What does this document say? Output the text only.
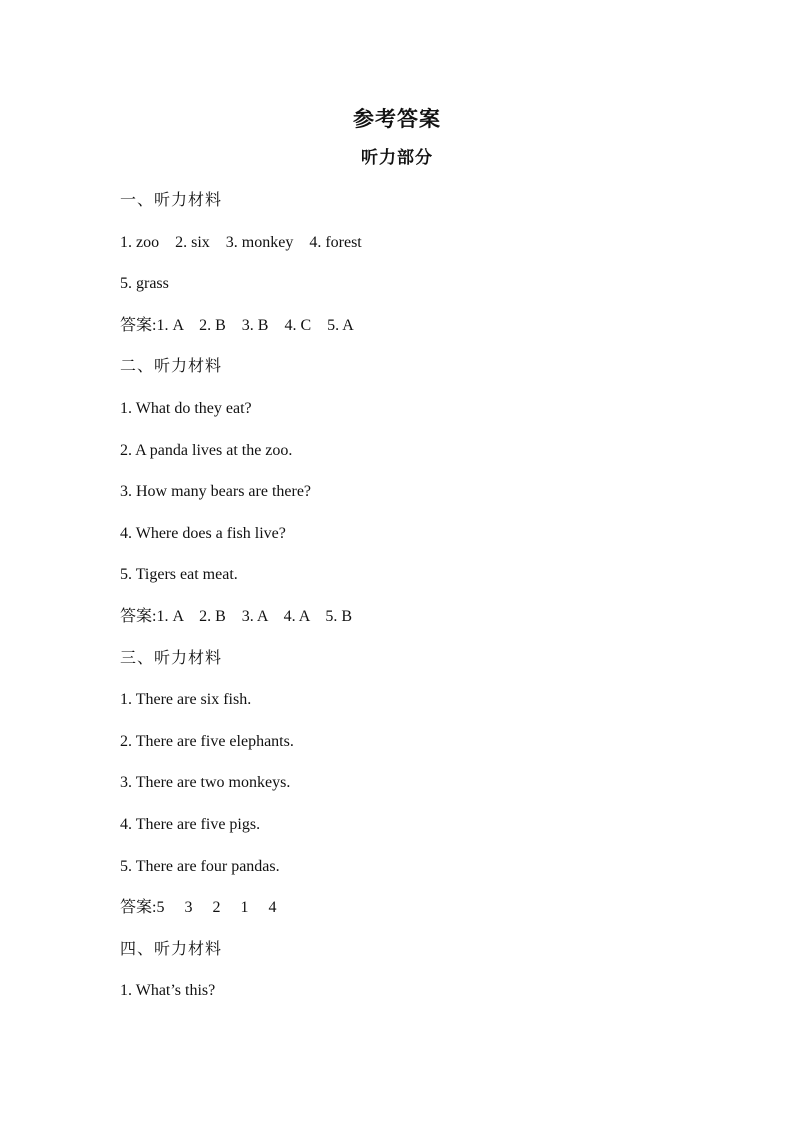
参考答案
听力部分
一、听力材料
1. zoo    2. six    3. monkey    4. forest
5. grass
答案:1. A    2. B    3. B    4. C    5. A
二、听力材料
1. What do they eat?
2. A panda lives at the zoo.
3. How many bears are there?
4. Where does a fish live?
5. Tigers eat meat.
答案:1. A    2. B    3. A    4. A    5. B
三、听力材料
1. There are six fish.
2. There are five elephants.
3. There are two monkeys.
4. There are five pigs.
5. There are four pandas.
答案:5     3     2     1     4
四、听力材料
1. What’s this?
